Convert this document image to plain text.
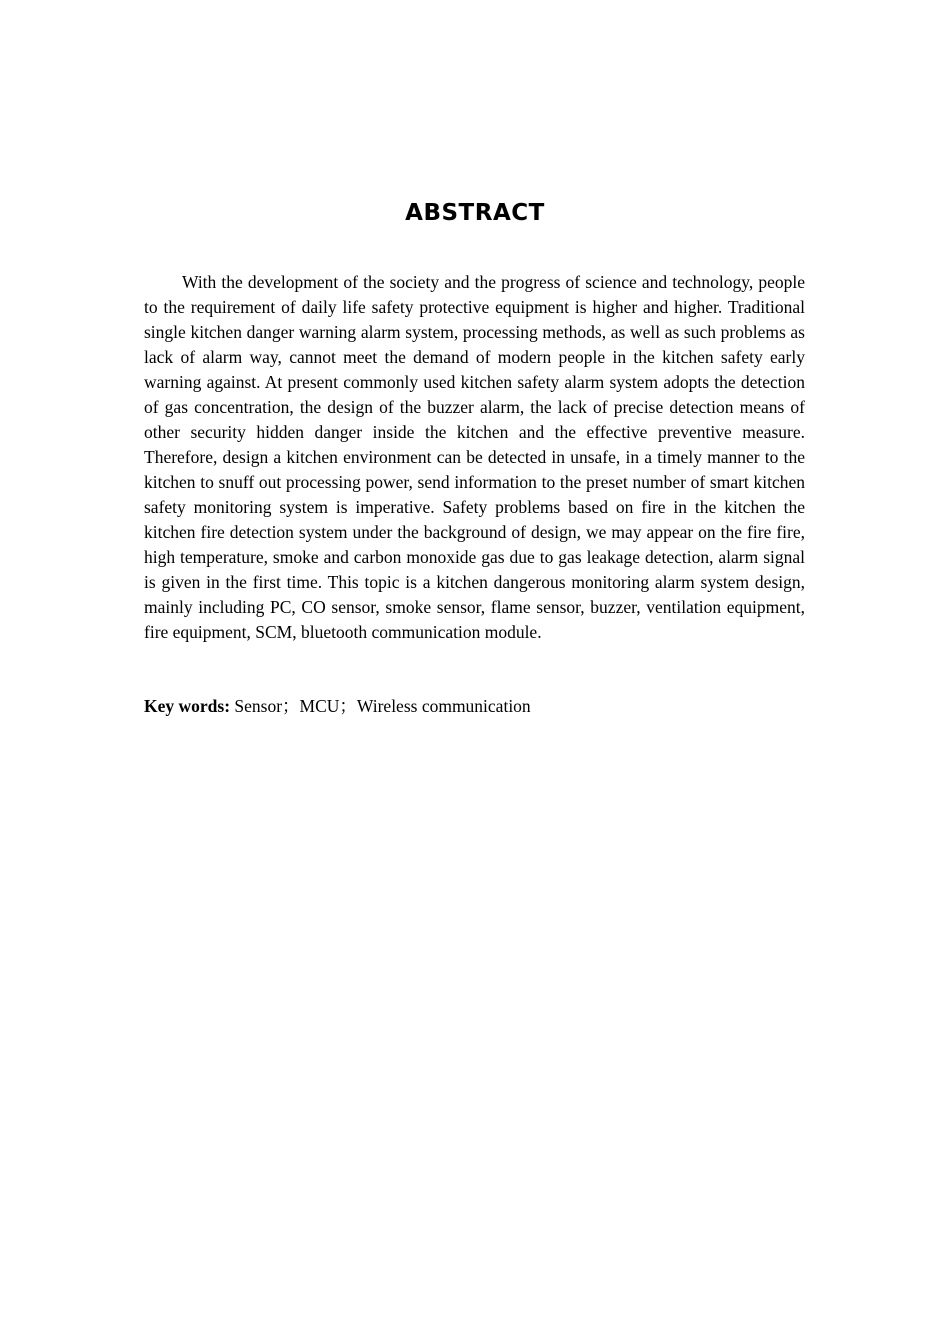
ABSTRACT

With the development of the society and the progress of science and technology, people to the requirement of daily life safety protective equipment is higher and higher. Traditional single kitchen danger warning alarm system, processing methods, as well as such problems as lack of alarm way, cannot meet the demand of modern people in the kitchen safety early warning against. At present commonly used kitchen safety alarm system adopts the detection of gas concentration, the design of the buzzer alarm, the lack of precise detection means of other security hidden danger inside the kitchen and the effective preventive measure. Therefore, design a kitchen environment can be detected in unsafe, in a timely manner to the kitchen to snuff out processing power, send information to the preset number of smart kitchen safety monitoring system is imperative. Safety problems based on fire in the kitchen the kitchen fire detection system under the background of design, we may appear on the fire fire, high temperature, smoke and carbon monoxide gas due to gas leakage detection, alarm signal is given in the first time. This topic is a kitchen dangerous monitoring alarm system design, mainly including PC, CO sensor, smoke sensor, flame sensor, buzzer, ventilation equipment, fire equipment, SCM, bluetooth communication module.

Key words: Sensor；MCU；Wireless communication
